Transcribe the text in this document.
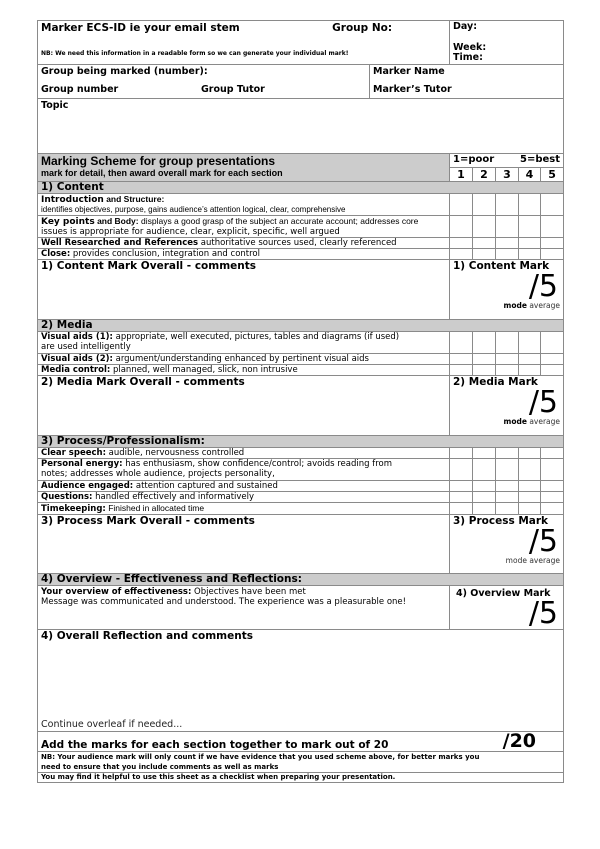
Marker ECS-ID ie your email stem	Group No:
NB: We need this information in a readable form so we can generate your individual mark!

Day:
Week:
Time:
Group being marked (number):
Group number	Group Tutor

Marker Name
Marker’s Tutor
Topic					

Marking Scheme for group presentations
mark for detail, then award overall mark for each section

1=poor	5=best

	1	2	3	4	5
1) Content					
Introduction and Structure:
identifies objectives, purpose, gains audience’s attention logical, clear, comprehensive					
Key points and Body: displays a good grasp of the subject an accurate account; addresses core
issues is appropriate for audience, clear, explicit, specific, well argued					
Well Researched and References authoritative sources used, clearly referenced					
Close: provides conclusion, integration and control					

1) Content Mark Overall - comments	1) Content Mark
/5
mode average				

2) Media					
Visual aids (1): appropriate, well executed, pictures, tables and diagrams (if used)
are used intelligently					
Visual aids (2): argument/understanding enhanced by pertinent visual aids					
Media control: planned, well managed, slick, non intrusive					

2) Media Mark Overall - comments	2) Media Mark
/5
mode average				

3) Process/Professionalism:					
Clear speech: audible, nervousness controlled					
Personal energy: has enthusiasm, show confidence/control; avoids reading from
notes; addresses whole audience, projects personality,					
Audience engaged: attention captured and sustained					
Questions: handled effectively and informatively					
Timekeeping: Finished in allocated time					

3) Process Mark Overall - comments	3) Process Mark
/5
mode average				

4) Overview - Effectiveness and Reflections:					
Your overview of effectiveness: Objectives have been met
Message was communicated and understood. The experience was a pleasurable one!	
4) Overview Mark
/5

4) Overall Reflection and comments
Continue overleaf if needed...					

Add the marks for each section together to mark out of 20 /20					

NB: Your audience mark will only count if we have evidence that you used scheme above, for better marks you
need to ensure that you include comments as well as marks					
You may find it helpful to use this sheet as a checklist when preparing your presentation.					
